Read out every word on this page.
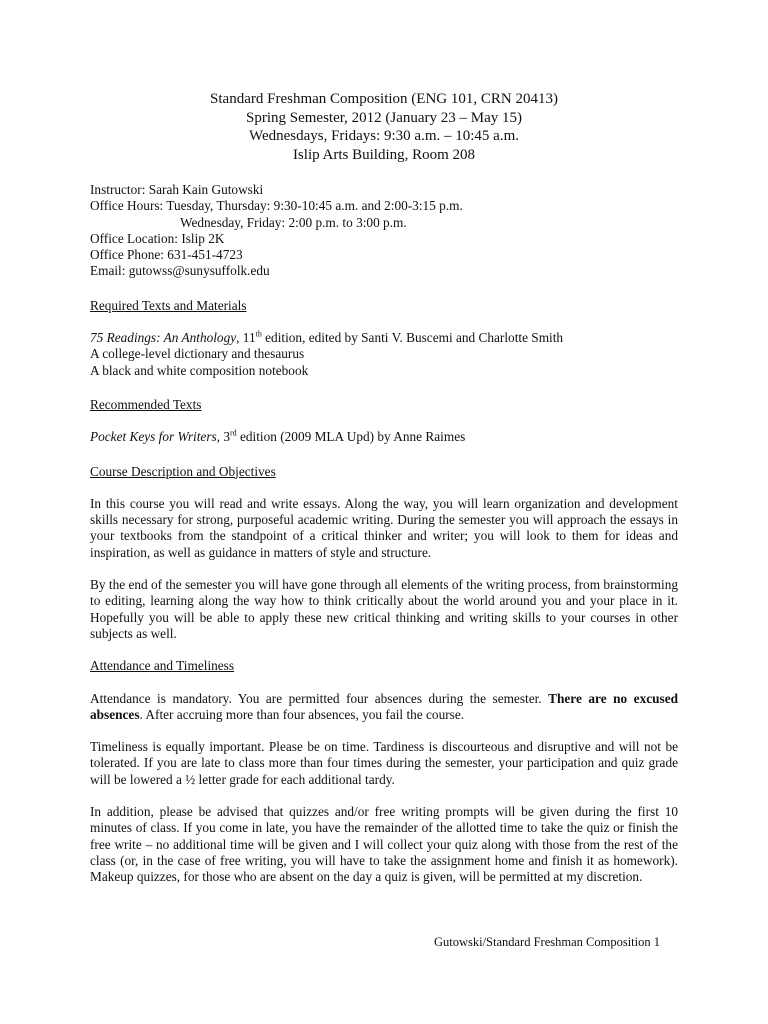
Standard Freshman Composition (ENG 101, CRN 20413)
Spring Semester, 2012 (January 23 – May 15)
Wednesdays, Fridays: 9:30 a.m. – 10:45 a.m.
Islip Arts Building, Room 208
Instructor: Sarah Kain Gutowski
Office Hours: Tuesday, Thursday: 9:30-10:45 a.m. and 2:00-3:15 p.m.
Wednesday, Friday: 2:00 p.m. to 3:00 p.m.
Office Location: Islip 2K
Office Phone: 631-451-4723
Email: gutowss@sunysuffolk.edu
Required Texts and Materials
75 Readings: An Anthology, 11th edition, edited by Santi V. Buscemi and Charlotte Smith
A college-level dictionary and thesaurus
A black and white composition notebook
Recommended Texts
Pocket Keys for Writers, 3rd edition (2009 MLA Upd) by Anne Raimes
Course Description and Objectives
In this course you will read and write essays. Along the way, you will learn organization and development skills necessary for strong, purposeful academic writing. During the semester you will approach the essays in your textbooks from the standpoint of a critical thinker and writer; you will look to them for ideas and inspiration, as well as guidance in matters of style and structure.
By the end of the semester you will have gone through all elements of the writing process, from brainstorming to editing, learning along the way how to think critically about the world around you and your place in it. Hopefully you will be able to apply these new critical thinking and writing skills to your courses in other subjects as well.
Attendance and Timeliness
Attendance is mandatory. You are permitted four absences during the semester. There are no excused absences. After accruing more than four absences, you fail the course.
Timeliness is equally important. Please be on time. Tardiness is discourteous and disruptive and will not be tolerated. If you are late to class more than four times during the semester, your participation and quiz grade will be lowered a ½ letter grade for each additional tardy.
In addition, please be advised that quizzes and/or free writing prompts will be given during the first 10 minutes of class. If you come in late, you have the remainder of the allotted time to take the quiz or finish the free write – no additional time will be given and I will collect your quiz along with those from the rest of the class (or, in the case of free writing, you will have to take the assignment home and finish it as homework). Makeup quizzes, for those who are absent on the day a quiz is given, will be permitted at my discretion.
Gutowski/Standard Freshman Composition 1
